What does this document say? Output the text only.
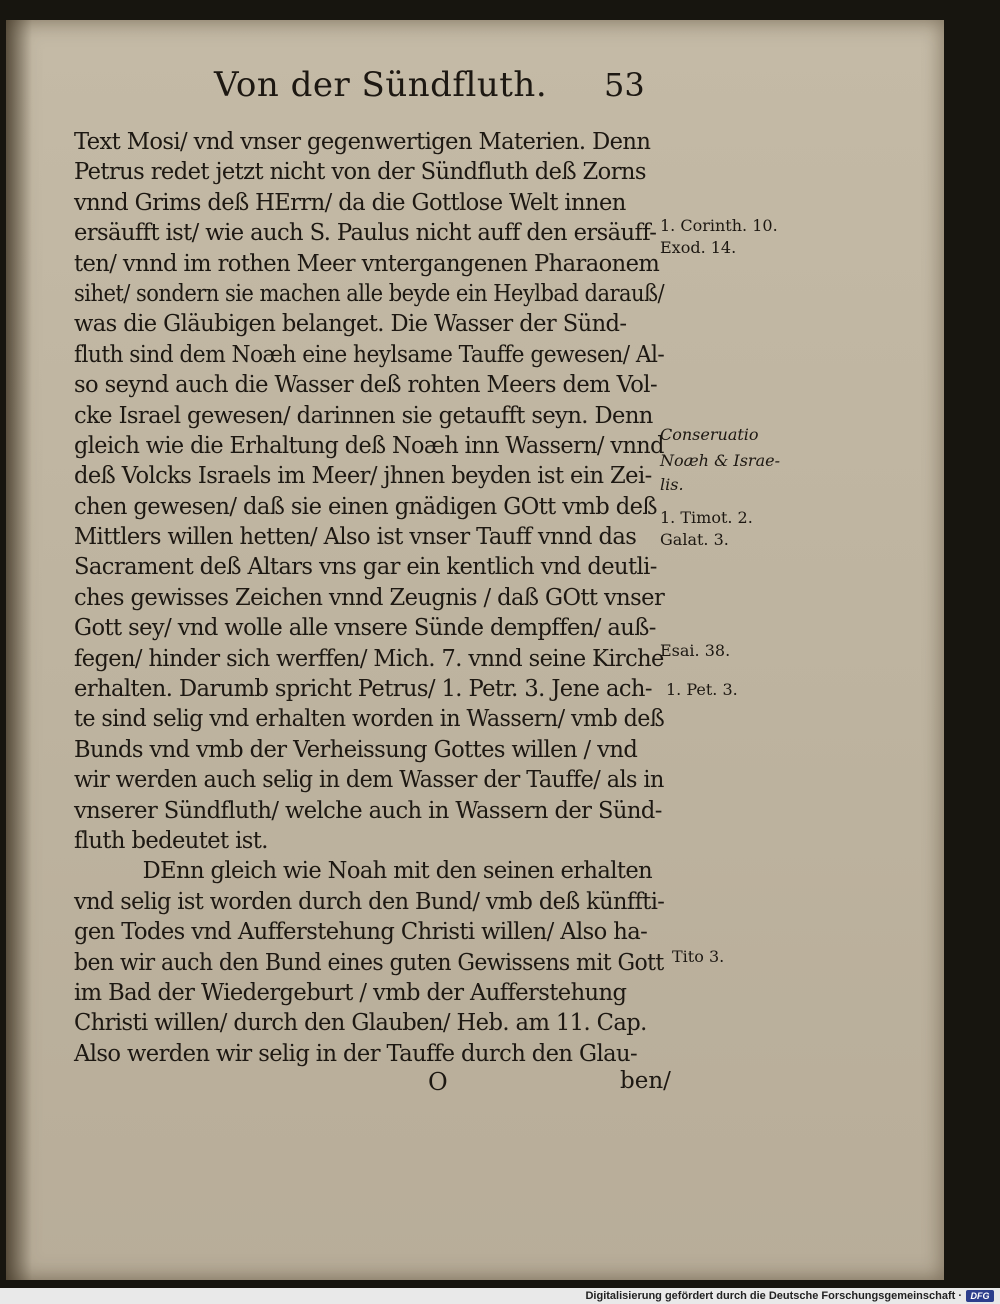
Von der Sündfluth. 53
Text Mosi/ vnd vnser gegenwertigen Materien. Denn
Petrus redet jetzt nicht von der Sündfluth deß Zorns
vnnd Grims deß HErrn/ da die Gottlose Welt innen
ersäufft ist/ wie auch S. Paulus nicht auff den ersäuff-
ten/ vnnd im rothen Meer vntergangenen Pharaonem
sihet/ sondern sie machen alle beyde ein Heylbad darauß/
was die Gläubigen belanget. Die Wasser der Sünd-
fluth sind dem Noæh eine heylsame Tauffe gewesen/ Al-
so seynd auch die Wasser deß rohten Meers dem Vol-
cke Israel gewesen/ darinnen sie getaufft seyn. Denn
gleich wie die Erhaltung deß Noæh inn Wassern/ vnnd
deß Volcks Israels im Meer/ jhnen beyden ist ein Zei-
chen gewesen/ daß sie einen gnädigen GOtt vmb deß
Mittlers willen hetten/ Also ist vnser Tauff vnnd das
Sacrament deß Altars vns gar ein kentlich vnd deutli-
ches gewisses Zeichen vnnd Zeugnis / daß GOtt vnser
Gott sey/ vnd wolle alle vnsere Sünde dempffen/ auß-
fegen/ hinder sich werffen/ Mich. 7. vnnd seine Kirche
erhalten. Darumb spricht Petrus/ 1. Petr. 3. Jene ach-
te sind selig vnd erhalten worden in Wassern/ vmb deß
Bunds vnd vmb der Verheissung Gottes willen / vnd
wir werden auch selig in dem Wasser der Tauffe/ als in
vnserer Sündfluth/ welche auch in Wassern der Sünd-
fluth bedeutet ist.
DEnn gleich wie Noah mit den seinen erhalten
vnd selig ist worden durch den Bund/ vmb deß künffti-
gen Todes vnd Aufferstehung Christi willen/ Also ha-
ben wir auch den Bund eines guten Gewissens mit Gott
im Bad der Wiedergeburt / vmb der Aufferstehung
Christi willen/ durch den Glauben/ Heb. am 11. Cap.
Also werden wir selig in der Tauffe durch den Glau-
1. Corinth. 10.
Exod. 14.
Conseruatio
Noæh & Israe-
lis.
1. Timot. 2.
Galat. 3.
Esai. 38.
1. Pet. 3.
Tito 3.
O	ben/
Digitalisierung gefördert durch die Deutsche Forschungsgemeinschaft · DFG
